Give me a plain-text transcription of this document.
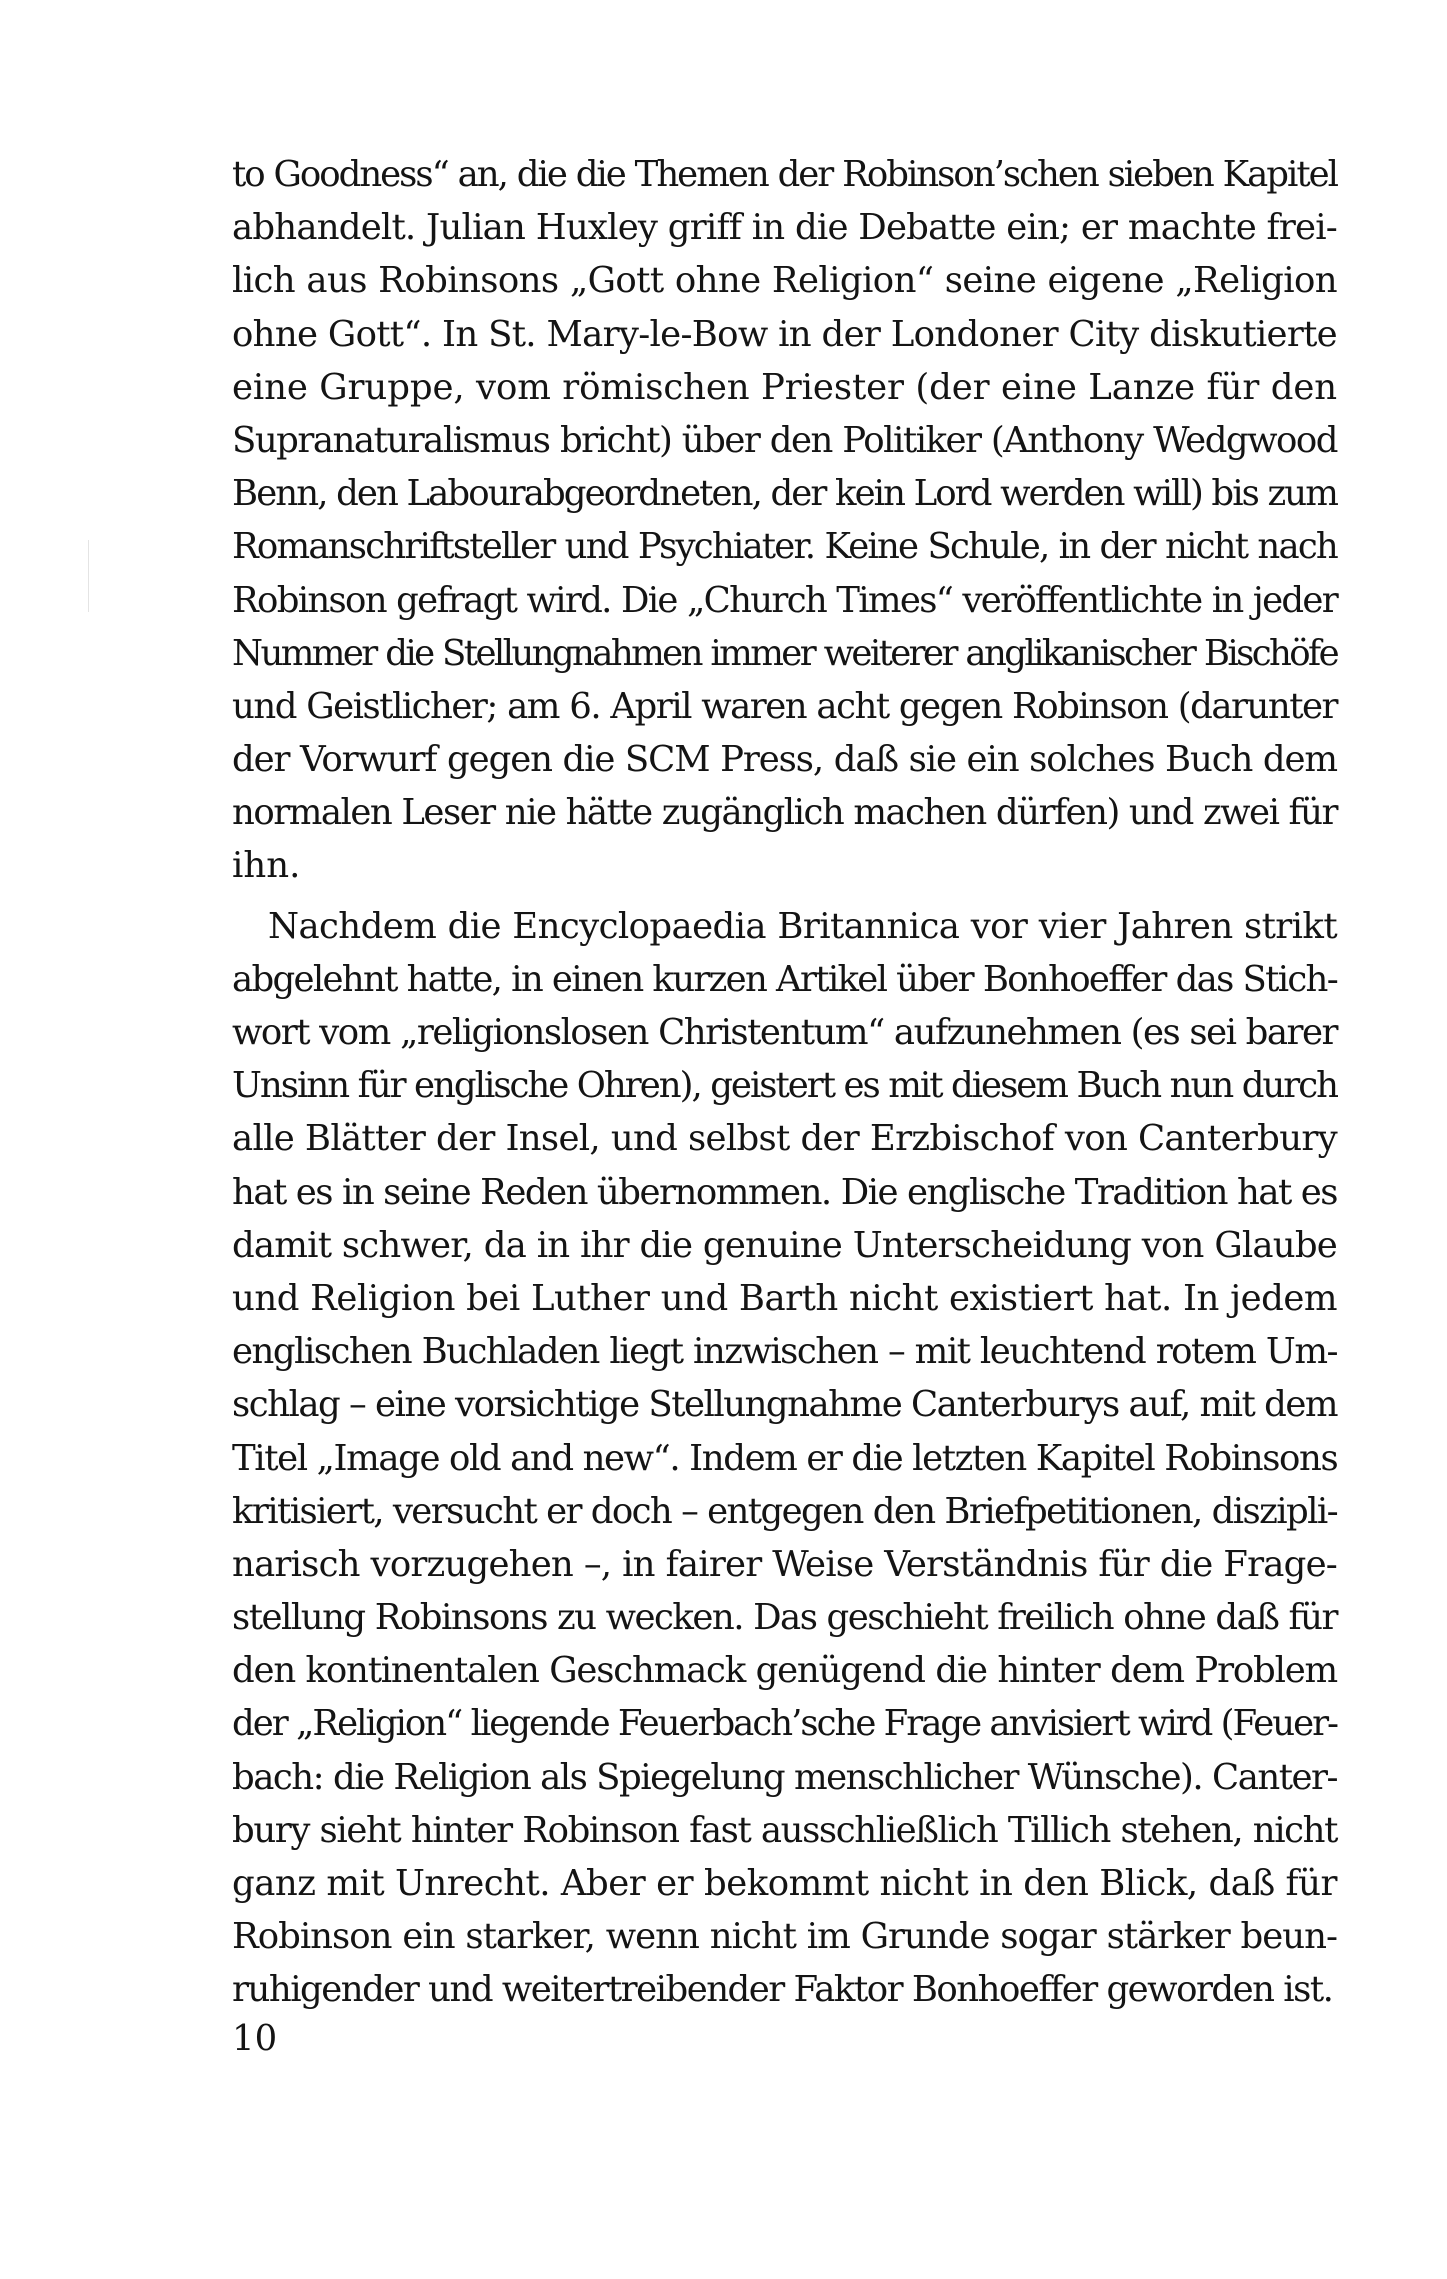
to Goodness“ an, die die Themen der Robinson’schen sieben Kapitel
abhandelt. Julian Huxley griff in die Debatte ein; er machte frei-
lich aus Robinsons „Gott ohne Religion“ seine eigene „Religion
ohne Gott“. In St. Mary-le-Bow in der Londoner City diskutierte
eine Gruppe, vom römischen Priester (der eine Lanze für den
Supranaturalismus bricht) über den Politiker (Anthony Wedgwood
Benn, den Labourabgeordneten, der kein Lord werden will) bis zum
Romanschriftsteller und Psychiater. Keine Schule, in der nicht nach
Robinson gefragt wird. Die „Church Times“ veröffentlichte in jeder
Nummer die Stellungnahmen immer weiterer anglikanischer Bischöfe
und Geistlicher; am 6. April waren acht gegen Robinson (darunter
der Vorwurf gegen die SCM Press, daß sie ein solches Buch dem
normalen Leser nie hätte zugänglich machen dürfen) und zwei für
ihn.
Nachdem die Encyclopaedia Britannica vor vier Jahren strikt
abgelehnt hatte, in einen kurzen Artikel über Bonhoeffer das Stich-
wort vom „religionslosen Christentum“ aufzunehmen (es sei barer
Unsinn für englische Ohren), geistert es mit diesem Buch nun durch
alle Blätter der Insel, und selbst der Erzbischof von Canterbury
hat es in seine Reden übernommen. Die englische Tradition hat es
damit schwer, da in ihr die genuine Unterscheidung von Glaube
und Religion bei Luther und Barth nicht existiert hat. In jedem
englischen Buchladen liegt inzwischen – mit leuchtend rotem Um-
schlag – eine vorsichtige Stellungnahme Canterburys auf, mit dem
Titel „Image old and new“. Indem er die letzten Kapitel Robinsons
kritisiert, versucht er doch – entgegen den Briefpetitionen, diszipli-
narisch vorzugehen –, in fairer Weise Verständnis für die Frage-
stellung Robinsons zu wecken. Das geschieht freilich ohne daß für
den kontinentalen Geschmack genügend die hinter dem Problem
der „Religion“ liegende Feuerbach’sche Frage anvisiert wird (Feuer-
bach: die Religion als Spiegelung menschlicher Wünsche). Canter-
bury sieht hinter Robinson fast ausschließlich Tillich stehen, nicht
ganz mit Unrecht. Aber er bekommt nicht in den Blick, daß für
Robinson ein starker, wenn nicht im Grunde sogar stärker beun-
ruhigender und weitertreibender Faktor Bonhoeffer geworden ist.
10
